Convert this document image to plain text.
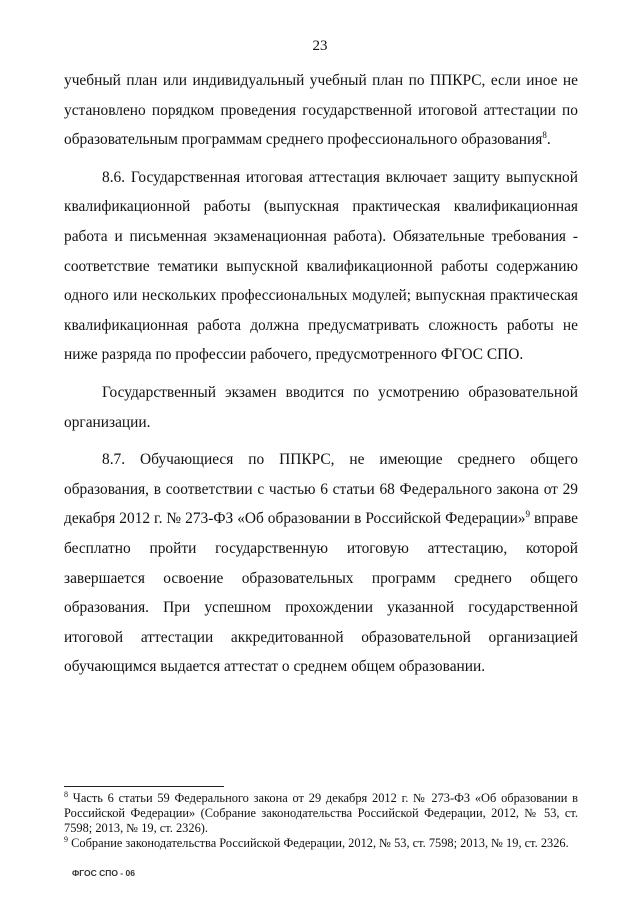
23

учебный план или индивидуальный учебный план по ППКРС, если иное не установлено порядком проведения государственной итоговой аттестации по образовательным программам среднего профессионального образования$^8$.

8.6. Государственная итоговая аттестация включает защиту выпускной квалификационной работы (выпускная практическая квалификационная работа и письменная экзаменационная работа). Обязательные требования - соответствие тематики выпускной квалификационной работы содержанию одного или нескольких профессиональных модулей; выпускная практическая квалификационная работа должна предусматривать сложность работы не ниже разряда по профессии рабочего, предусмотренного ФГОС СПО.

Государственный экзамен вводится по усмотрению образовательной организации.

8.7. Обучающиеся по ППКРС, не имеющие среднего общего образования, в соответствии с частью 6 статьи 68 Федерального закона от 29 декабря 2012 г. № 273-ФЗ «Об образовании в Российской Федерации»$^9$ вправе бесплатно пройти государственную итоговую аттестацию, которой завершается освоение образовательных программ среднего общего образования. При успешном прохождении указанной государственной итоговой аттестации аккредитованной образовательной организацией обучающимся выдается аттестат о среднем общем образовании.

$^8$ Часть 6 статьи 59 Федерального закона от 29 декабря 2012 г. № 273-ФЗ «Об образовании в Российской Федерации» (Собрание законодательства Российской Федерации, 2012, № 53, ст. 7598; 2013, № 19, ст. 2326).

$^9$ Собрание законодательства Российской Федерации, 2012, № 53, ст. 7598; 2013, № 19, ст. 2326.

ФГОС СПО - 06
